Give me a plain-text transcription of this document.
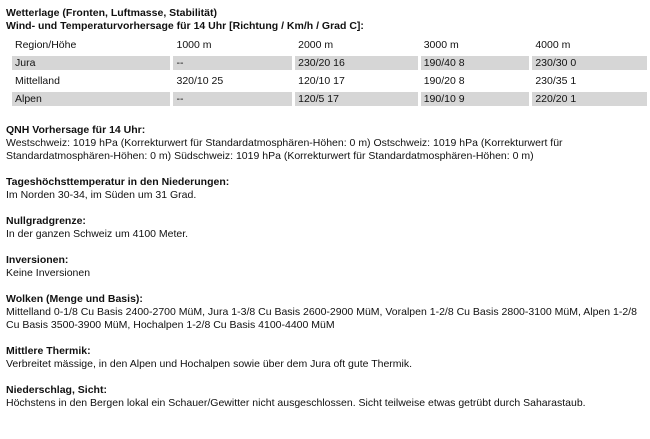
Wetterlage (Fronten, Luftmasse, Stabilität)
Wind- und Temperaturvorhersage für 14 Uhr [Richtung / Km/h / Grad C]:
Region/Höhe	1000 m	2000 m	3000 m	4000 m
Jura	--	230/20 16	190/40 8	230/30 0
Mittelland	320/10 25	120/10 17	190/20 8	230/35 1
Alpen	--	120/5 17	190/10 9	220/20 1
QNH Vorhersage für 14 Uhr:
Westschweiz: 1019 hPa (Korrekturwert für Standardatmosphären-Höhen: 0 m) Ostschweiz: 1019 hPa (Korrekturwert für Standardatmosphären-Höhen: 0 m) Südschweiz: 1019 hPa (Korrekturwert für Standardatmosphären-Höhen: 0 m)
Tageshöchsttemperatur in den Niederungen:
Im Norden 30-34, im Süden um 31 Grad.
Nullgradgrenze:
In der ganzen Schweiz um 4100 Meter.
Inversionen:
Keine Inversionen
Wolken (Menge und Basis):
Mittelland 0-1/8 Cu Basis 2400-2700 MüM, Jura 1-3/8 Cu Basis 2600-2900 MüM, Voralpen 1-2/8 Cu Basis 2800-3100 MüM, Alpen 1-2/8 Cu Basis 3500-3900 MüM, Hochalpen 1-2/8 Cu Basis 4100-4400 MüM
Mittlere Thermik:
Verbreitet mässige, in den Alpen und Hochalpen sowie über dem Jura oft gute Thermik.
Niederschlag, Sicht:
Höchstens in den Bergen lokal ein Schauer/Gewitter nicht ausgeschlossen. Sicht teilweise etwas getrübt durch Saharastaub.
